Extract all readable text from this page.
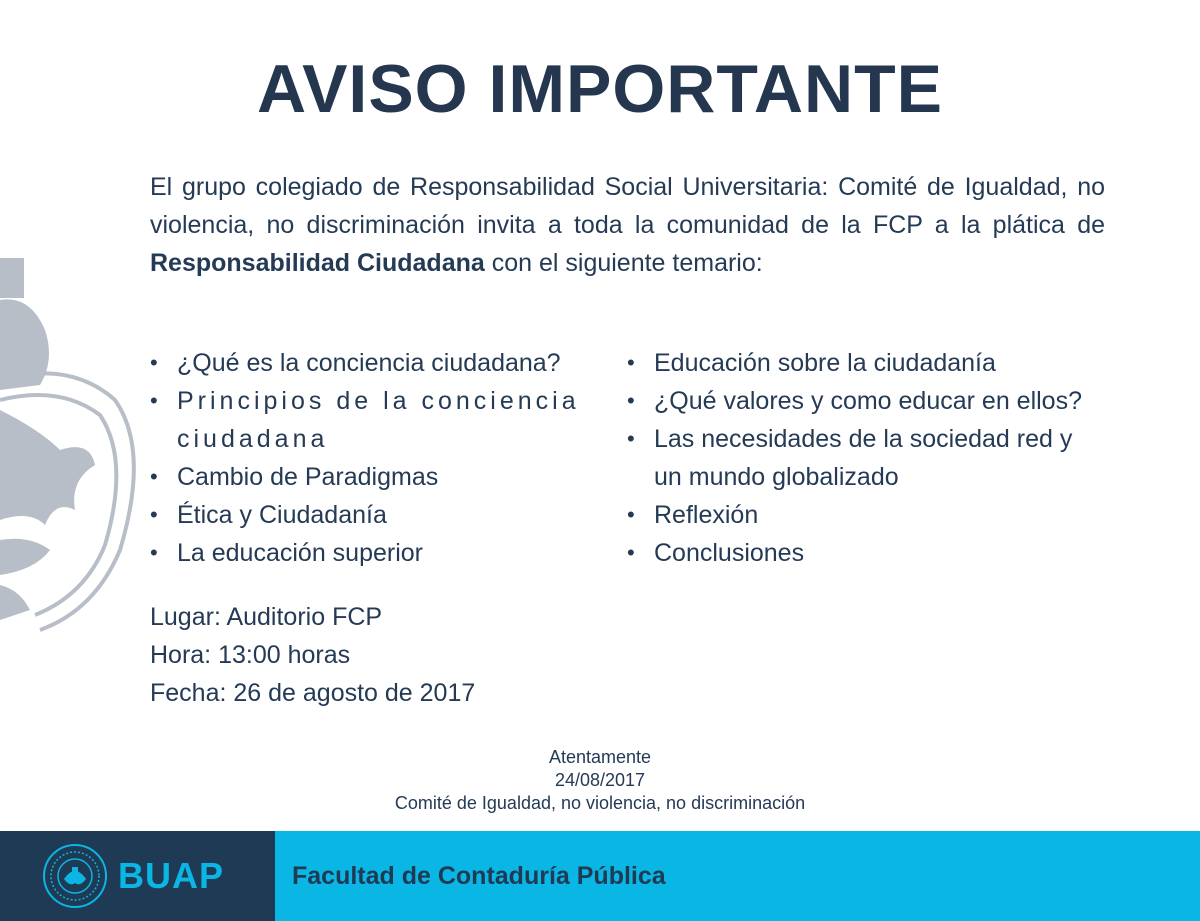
AVISO IMPORTANTE

El grupo colegiado de Responsabilidad Social Universitaria: Comité de Igualdad, no violencia, no discriminación invita a toda la comunidad de la FCP a la plática de Responsabilidad Ciudadana con el siguiente temario:

• ¿Qué es la conciencia ciudadana?
• Principios de la conciencia ciudadana
• Cambio de Paradigmas
• Ética y Ciudadanía
• La educación superior
• Educación sobre la ciudadanía
• ¿Qué valores y como educar en ellos?
• Las necesidades de la sociedad red y un mundo globalizado
• Reflexión
• Conclusiones
Lugar: Auditorio FCP
Hora: 13:00 horas
Fecha: 26 de agosto de 2017
Atentamente
24/08/2017
Comité de Igualdad, no violencia, no discriminación
BUAP	Facultad de Contaduría Pública
